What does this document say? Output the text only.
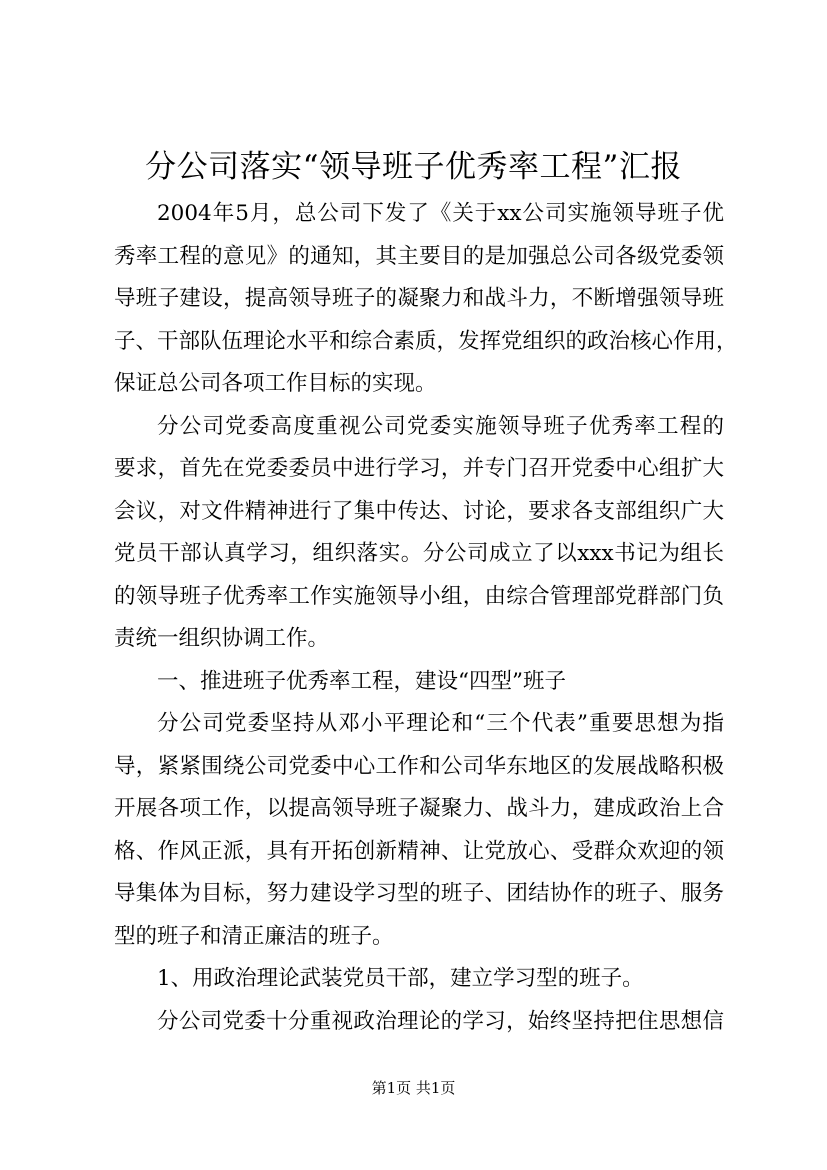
分公司落实“领导班子优秀率工程”汇报
2004年5月，总公司下发了《关于xx公司实施领导班子优
秀率工程的意见》的通知，其主要目的是加强总公司各级党委领
导班子建设，提高领导班子的凝聚力和战斗力，不断增强领导班
子、干部队伍理论水平和综合素质，发挥党组织的政治核心作用，
保证总公司各项工作目标的实现。
分公司党委高度重视公司党委实施领导班子优秀率工程的
要求，首先在党委委员中进行学习，并专门召开党委中心组扩大
会议，对文件精神进行了集中传达、讨论，要求各支部组织广大
党员干部认真学习，组织落实。分公司成立了以xxx书记为组长
的领导班子优秀率工作实施领导小组，由综合管理部党群部门负
责统一组织协调工作。
一、推进班子优秀率工程，建设“四型”班子
分公司党委坚持从邓小平理论和“三个代表”重要思想为指
导，紧紧围绕公司党委中心工作和公司华东地区的发展战略积极
开展各项工作，以提高领导班子凝聚力、战斗力，建成政治上合
格、作风正派，具有开拓创新精神、让党放心、受群众欢迎的领
导集体为目标，努力建设学习型的班子、团结协作的班子、服务
型的班子和清正廉洁的班子。
1、用政治理论武装党员干部，建立学习型的班子。
分公司党委十分重视政治理论的学习，始终坚持把住思想信
第1页 共1页
